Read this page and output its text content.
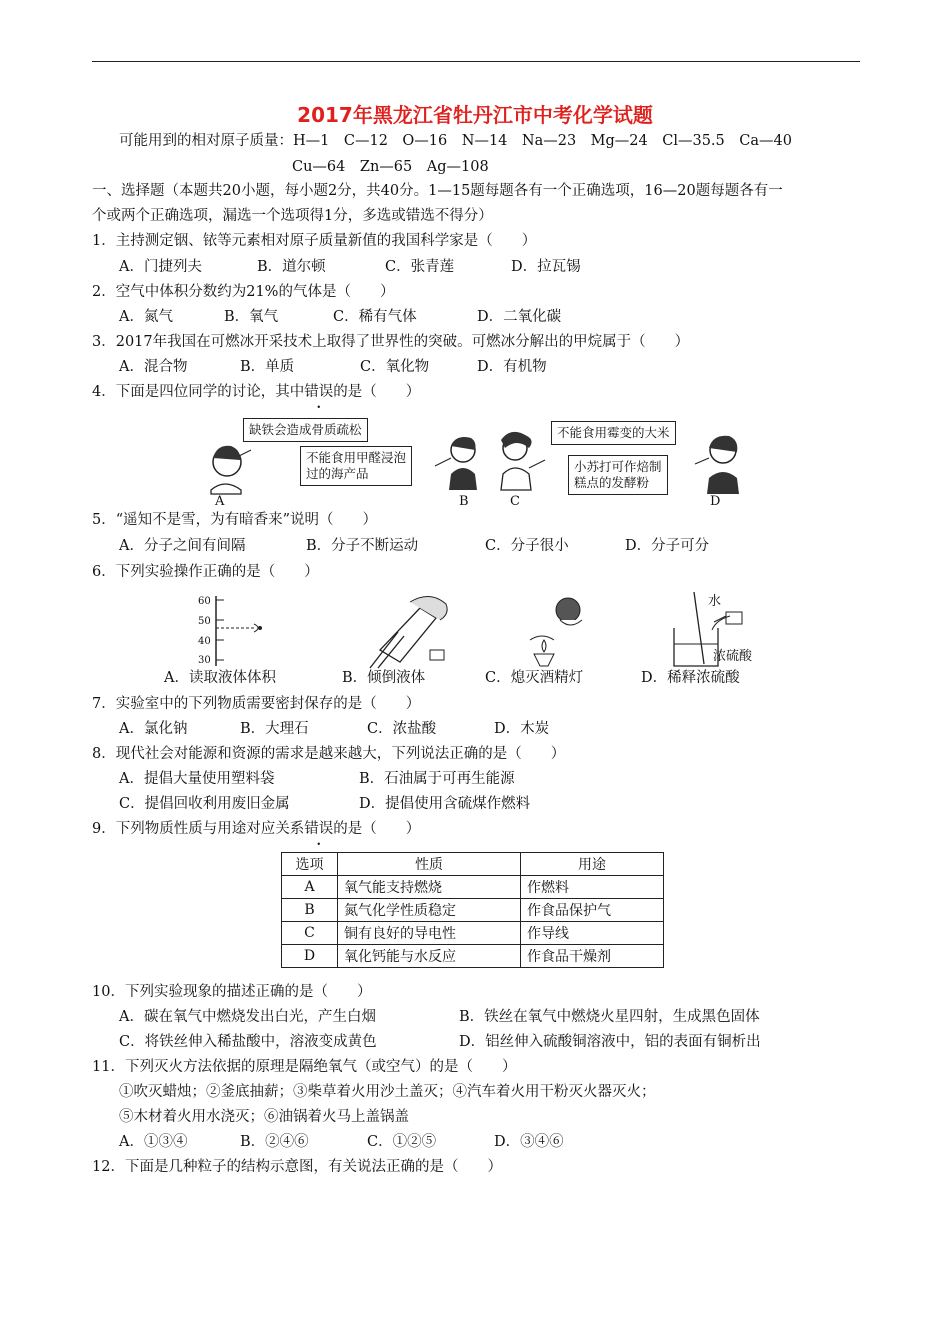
2017年黑龙江省牡丹江市中考化学试题
可能用到的相对原子质量：H—1　C—12　O—16　N—14　Na—23　Mg—24　Cl—35.5　Ca—40
Cu—64　Zn—65　Ag—108
一、选择题（本题共20小题，每小题2分，共40分。1—15题每题各有一个正确选项，16—20题每题各有一
个或两个正确选项，漏选一个选项得1分，多选或错选不得分）
1．主持测定铟、铱等元素相对原子质量新值的我国科学家是（　　）
A．门捷列夫	B．道尔顿	C．张青莲	D．拉瓦锡
2．空气中体积分数约为21%的气体是（　　）
A．氮气	B．氧气	C．稀有气体	D．二氧化碳
3．2017年我国在可燃冰开采技术上取得了世界性的突破。可燃冰分解出的甲烷属于（　　）
A．混合物	B．单质	C．氧化物	D．有机物
4．下面是四位同学的讨论，其中错误的是（　　）
缺铁会造成骨质疏松
不能食用甲醛浸泡
过的海产品
不能食用霉变的大米
小苏打可作焙制
糕点的发酵粉
A	B	C	D
5．“遥知不是雪，为有暗香来”说明（　　）
A．分子之间有间隔	B．分子不断运动	C．分子很小	D．分子可分
6．下列实验操作正确的是（　　）
60
50
40
30
水
浓硫酸
A．读取液体体积	B．倾倒液体	C．熄灭酒精灯	D．稀释浓硫酸
7．实验室中的下列物质需要密封保存的是（　　）
A．氯化钠	B．大理石	C．浓盐酸	D．木炭
8．现代社会对能源和资源的需求是越来越大，下列说法正确的是（　　）
A．提倡大量使用塑料袋	B．石油属于可再生能源
C．提倡回收利用废旧金属	D．提倡使用含硫煤作燃料
9．下列物质性质与用途对应关系错误的是（　　）
选项	性质	用途
A	氧气能支持燃烧	作燃料
B	氮气化学性质稳定	作食品保护气
C	铜有良好的导电性	作导线
D	氧化钙能与水反应	作食品干燥剂
10．下列实验现象的描述正确的是（　　）
A．碳在氧气中燃烧发出白光，产生白烟	B．铁丝在氧气中燃烧火星四射，生成黑色固体
C．将铁丝伸入稀盐酸中，溶液变成黄色	D．铝丝伸入硫酸铜溶液中，铝的表面有铜析出
11．下列灭火方法依据的原理是隔绝氧气（或空气）的是（　　）
①吹灭蜡烛；②釜底抽薪；③柴草着火用沙土盖灭；④汽车着火用干粉灭火器灭火；
⑤木材着火用水浇灭；⑥油锅着火马上盖锅盖
A．①③④	B．②④⑥	C．①②⑤	D．③④⑥
12．下面是几种粒子的结构示意图，有关说法正确的是（　　）
